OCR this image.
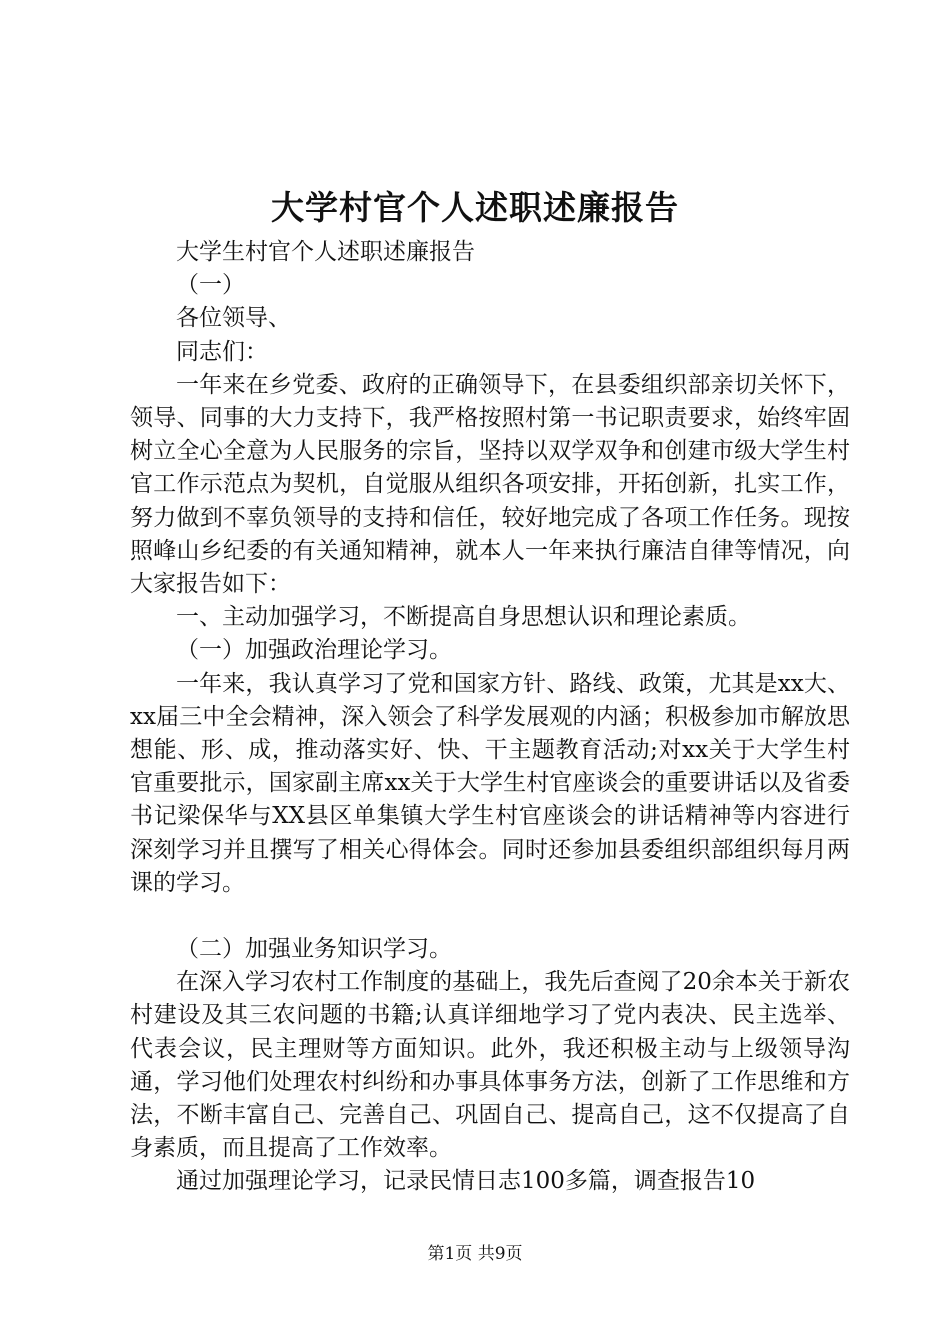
大学村官个人述职述廉报告

大学生村官个人述职述廉报告

（一）

各位领导、

同志们：

一年来在乡党委、政府的正确领导下，在县委组织部亲切关怀下，领导、同事的大力支持下，我严格按照村第一书记职责要求，始终牢固树立全心全意为人民服务的宗旨，坚持以双学双争和创建市级大学生村官工作示范点为契机，自觉服从组织各项安排，开拓创新，扎实工作，努力做到不辜负领导的支持和信任，较好地完成了各项工作任务。现按照峰山乡纪委的有关通知精神，就本人一年来执行廉洁自律等情况，向大家报告如下：

一、主动加强学习，不断提高自身思想认识和理论素质。

（一）加强政治理论学习。

一年来，我认真学习了党和国家方针、路线、政策，尤其是xx大、xx届三中全会精神，深入领会了科学发展观的内涵；积极参加市解放思想能、形、成，推动落实好、快、干主题教育活动;对xx关于大学生村官重要批示，国家副主席xx关于大学生村官座谈会的重要讲话以及省委书记梁保华与XX县区单集镇大学生村官座谈会的讲话精神等内容进行深刻学习并且撰写了相关心得体会。同时还参加县委组织部组织每月两课的学习。

（二）加强业务知识学习。

在深入学习农村工作制度的基础上，我先后查阅了20余本关于新农村建设及其三农问题的书籍;认真详细地学习了党内表决、民主选举、代表会议，民主理财等方面知识。此外，我还积极主动与上级领导沟通，学习他们处理农村纠纷和办事具体事务方法，创新了工作思维和方法，不断丰富自己、完善自己、巩固自己、提高自己，这不仅提高了自身素质，而且提高了工作效率。

通过加强理论学习，记录民情日志100多篇，调查报告10

第1页 共9页
